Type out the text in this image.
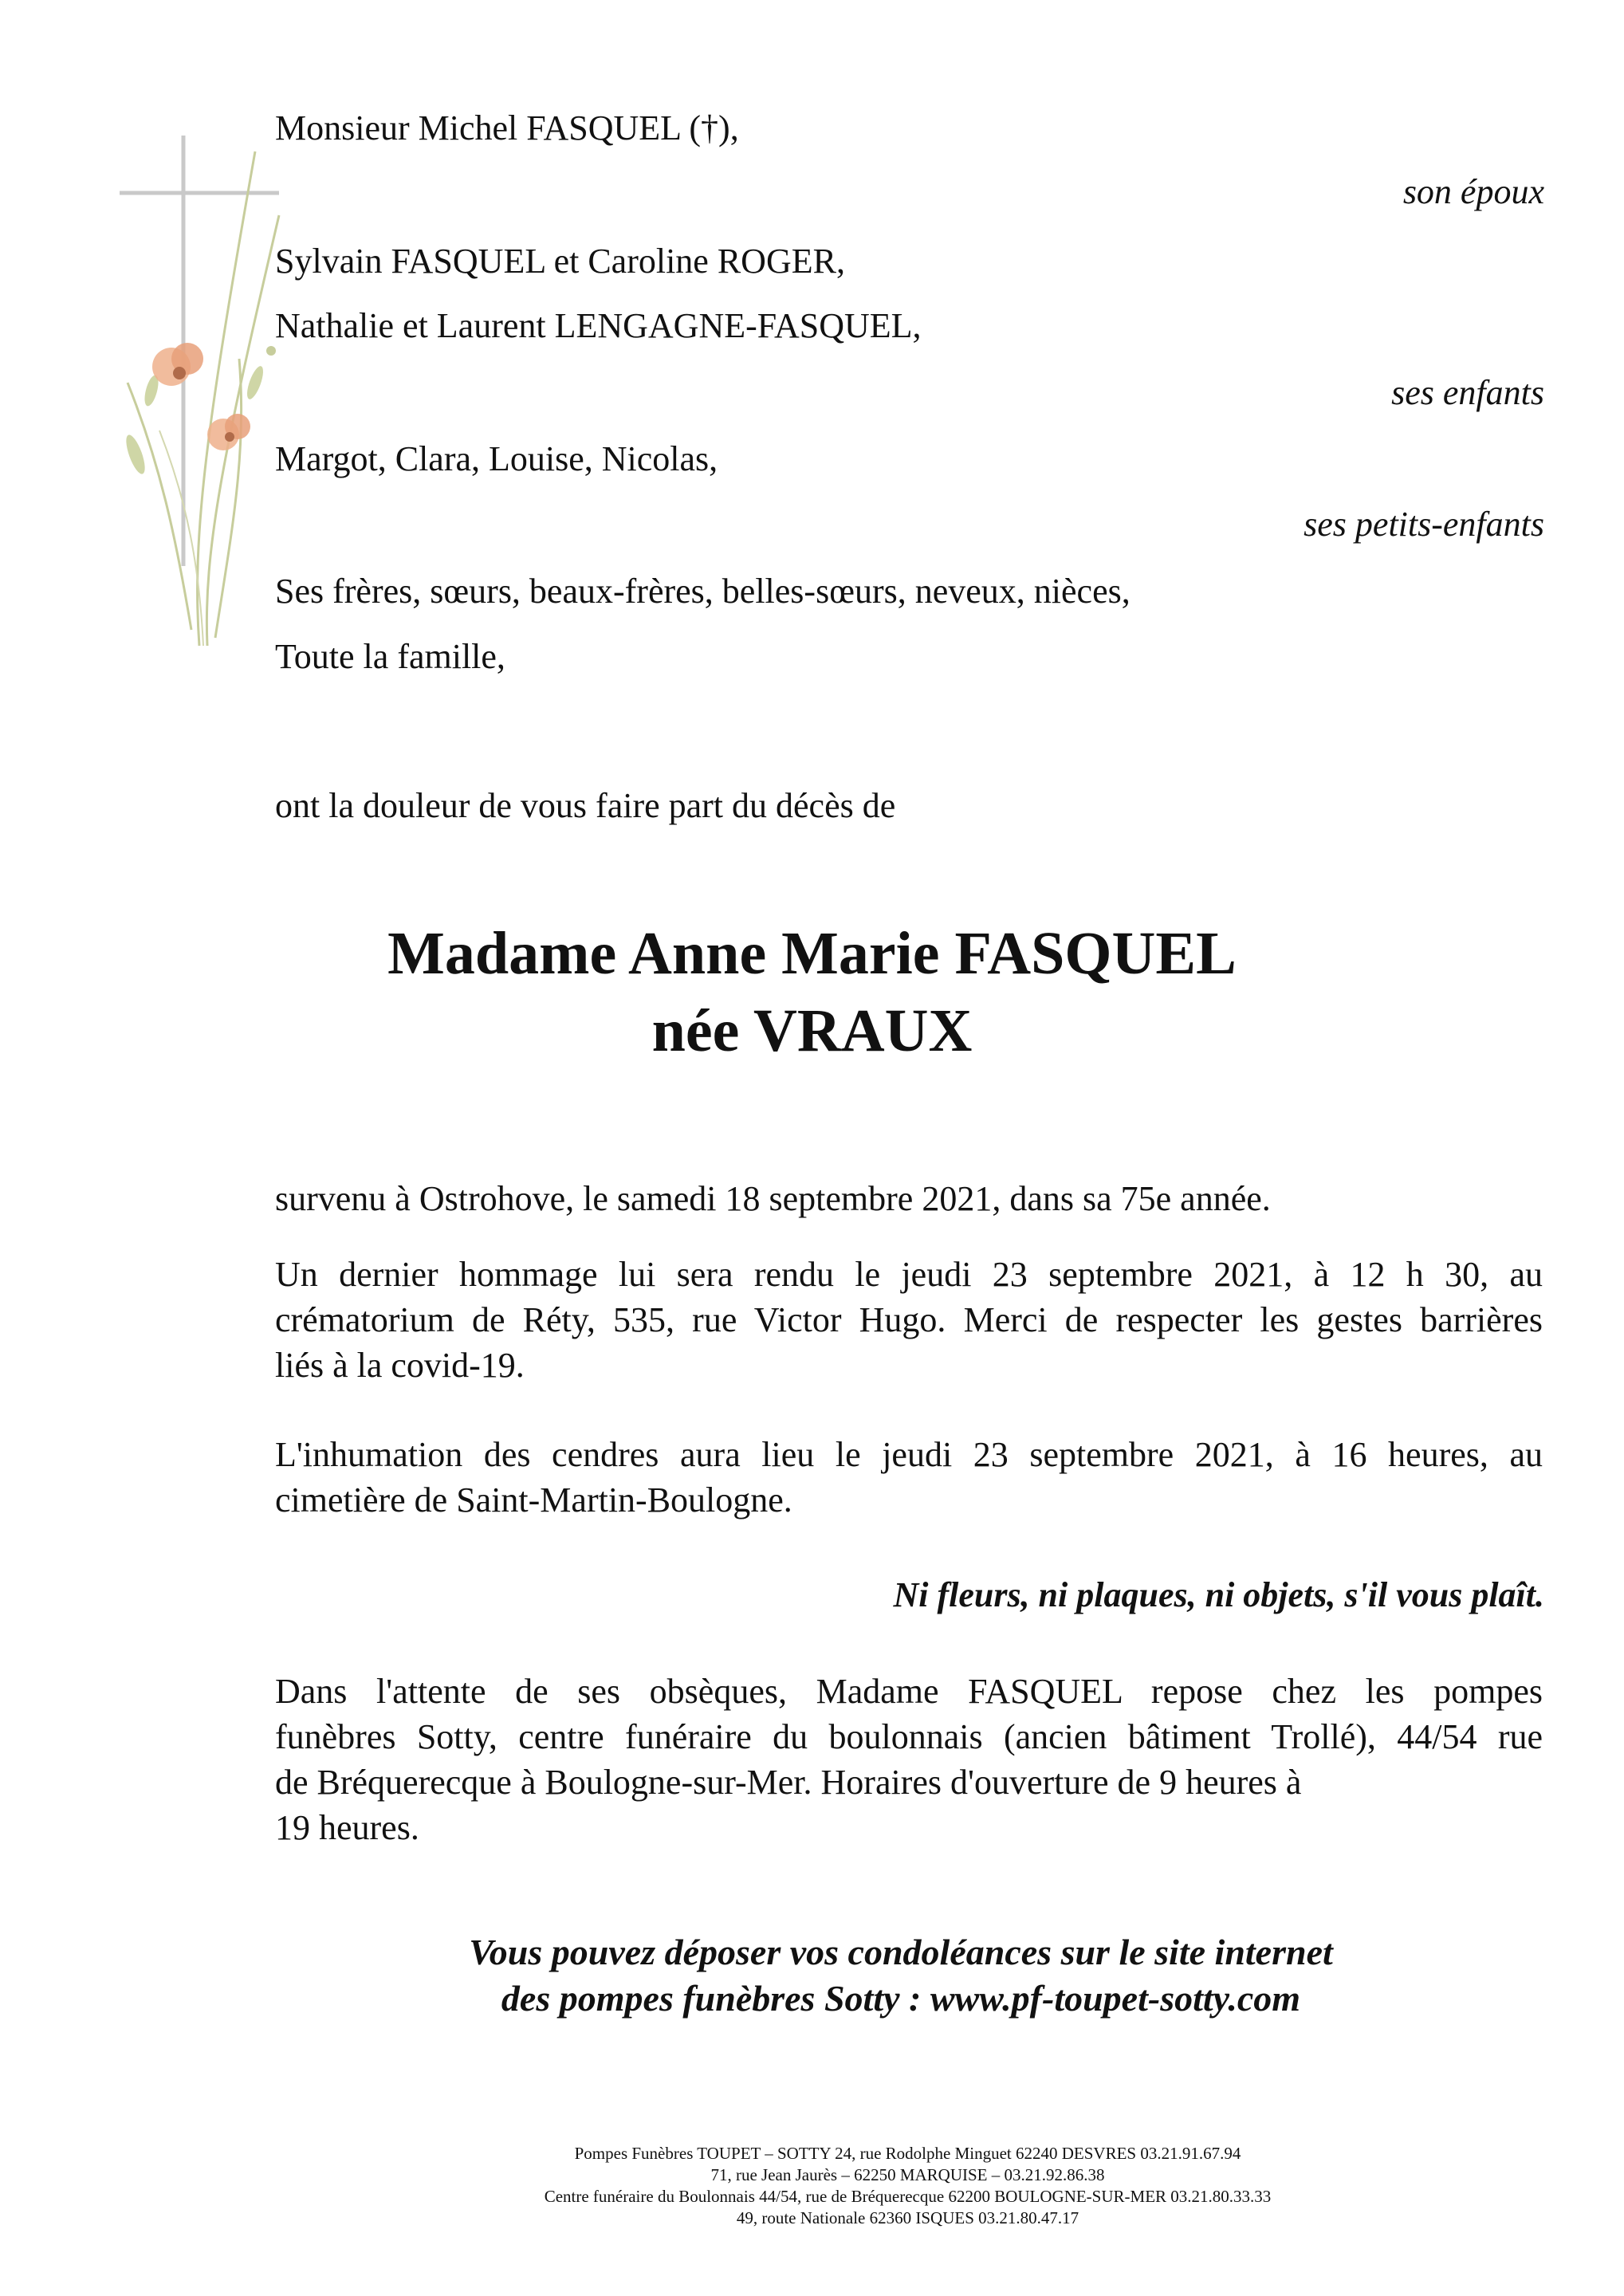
Monsieur Michel FASQUEL (†),
son époux
Sylvain FASQUEL et Caroline ROGER,
Nathalie et Laurent LENGAGNE-FASQUEL,
ses enfants
Margot, Clara, Louise, Nicolas,
ses petits-enfants
Ses frères, sœurs, beaux-frères, belles-sœurs, neveux, nièces,
Toute la famille,
ont la douleur de vous faire part du décès de
Madame Anne Marie FASQUEL
née VRAUX
survenu à Ostrohove, le samedi 18 septembre 2021, dans sa 75e année.
Un dernier hommage lui sera rendu le jeudi 23 septembre 2021, à 12 h 30, au
crématorium de Réty, 535, rue Victor Hugo. Merci de respecter les gestes barrières
liés à la covid-19.
L'inhumation des cendres aura lieu le jeudi 23 septembre 2021, à 16 heures, au
cimetière de Saint-Martin-Boulogne.
Ni fleurs, ni plaques, ni objets, s'il vous plaît.
Dans l'attente de ses obsèques, Madame FASQUEL repose chez les pompes
funèbres Sotty, centre funéraire du boulonnais (ancien bâtiment Trollé), 44/54 rue
de Bréquerecque à Boulogne-sur-Mer. Horaires d'ouverture de 9 heures à
19 heures.
Vous pouvez déposer vos condoléances sur le site internet
des pompes funèbres Sotty : www.pf-toupet-sotty.com
Pompes Funèbres TOUPET – SOTTY 24, rue Rodolphe Minguet 62240 DESVRES 03.21.91.67.94
71, rue Jean Jaurès – 62250 MARQUISE – 03.21.92.86.38
Centre funéraire du Boulonnais 44/54, rue de Bréquerecque 62200 BOULOGNE-SUR-MER 03.21.80.33.33
49, route Nationale 62360 ISQUES 03.21.80.47.17
